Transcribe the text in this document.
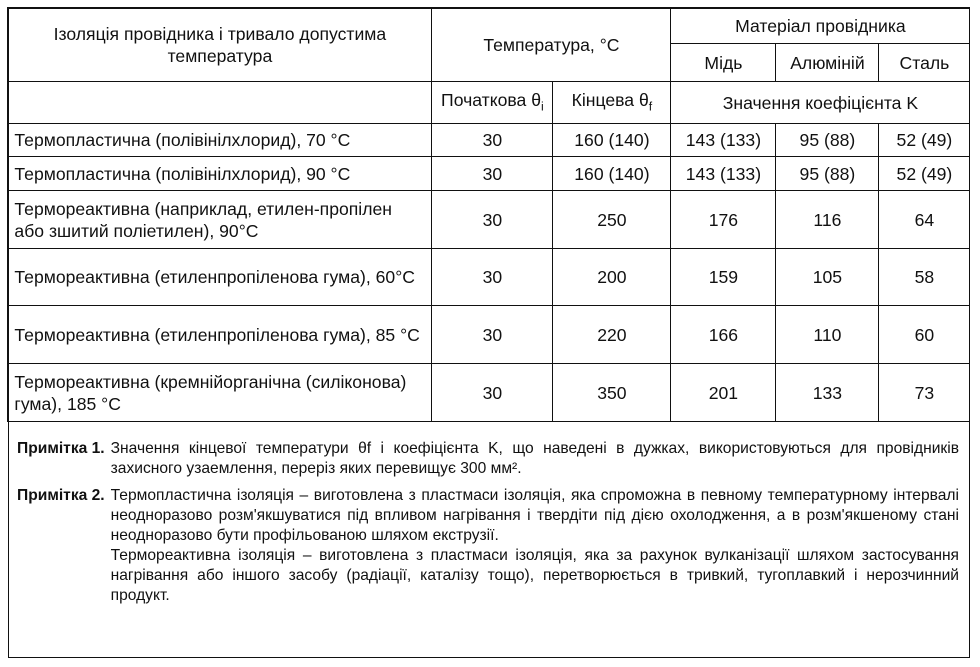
Ізоляція провідника і тривало допустима температура	Температура, °C		Матеріал провідника		
			Мідь	Алюміній	Сталь
	Початкова $\theta_i$	Кінцева $\theta_f$	Значення коефіцієнта K		
Термопластична (полівінілхлорид), 70 °С	30	160 (140)	143 (133)	95 (88)	52 (49)
Термопластична (полівінілхлорид), 90 °С	30	160 (140)	143 (133)	95 (88)	52 (49)
Термореактивна (наприклад, етилен-пропілен або зшитий поліетилен), 90°С	30	250	176	116	64
Термореактивна (етиленпропіленова гума), 60°С	30	200	159	105	58
Термореактивна (етиленпропіленова гума), 85 °С	30	220	166	110	60
Термореактивна (кремнійорганічна (силіконова) гума), 185 °С	30	350	201	133	73
Примітка 1. Значення кінцевої температури θf і коефіцієнта K, що наведені в дужках, використовуються для провідників захисного узаемлення, переріз яких перевищує 300 мм².
Примітка 2. Термопластична ізоляція – виготовлена з пластмаси ізоляція, яка спроможна в певному температурному інтервалі неодноразово розм'якшуватися під впливом нагрівання і твердіти під дією охолодження, а в розм'якшеному стані неодноразово бути профільованою шляхом екструзії.

Термореактивна ізоляція – виготовлена з пластмаси ізоляція, яка за рахунок вулканізації шляхом застосування нагрівання або іншого засобу (радіації, каталізу тощо), перетворюється в тривкий, тугоплавкий і нерозчинний продукт.
